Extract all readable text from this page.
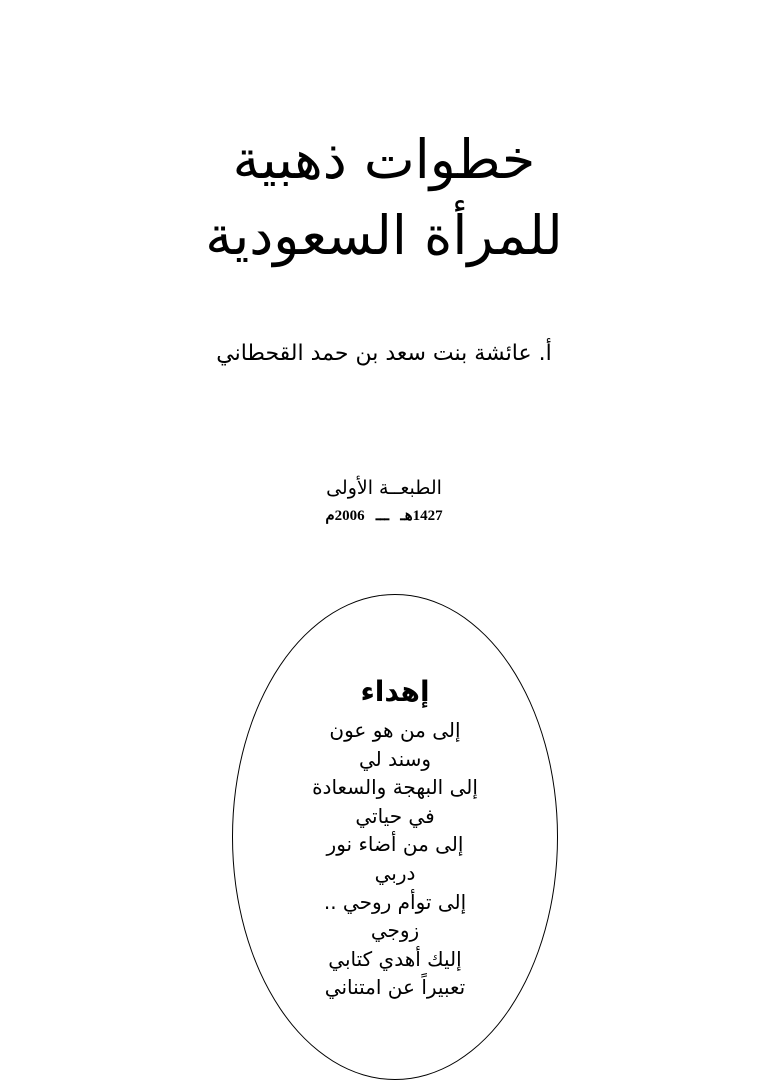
خطوات ذهبية
للمرأة السعودية
أ. عائشة بنت سعد بن حمد القحطاني
الطبعــة الأولى
1427هـ   ـــ   2006م
إهداء
إلى من هو عون
وسند لي
إلى البهجة والسعادة
في حياتي
إلى من أضاء نور
دربي
إلى توأم روحي ..
زوجي
إليك أهدي كتابي
تعبيراً عن امتناني
